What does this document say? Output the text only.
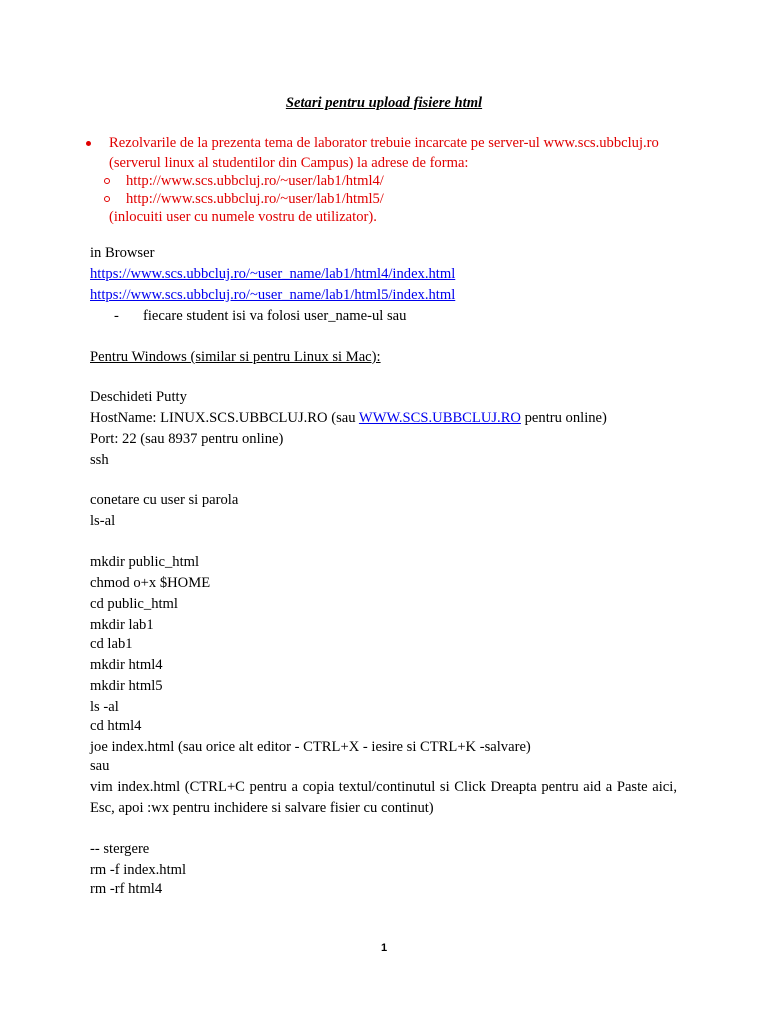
Setari pentru upload fisiere html
Rezolvarile de la prezenta tema de laborator trebuie incarcate pe server-ul www.scs.ubbcluj.ro
(serverul linux al studentilor din Campus) la adrese de forma:
http://www.scs.ubbcluj.ro/~user/lab1/html4/
http://www.scs.ubbcluj.ro/~user/lab1/html5/
(inlocuiti user cu numele vostru de utilizator).
in Browser
https://www.scs.ubbcluj.ro/~user_name/lab1/html4/index.html
https://www.scs.ubbcluj.ro/~user_name/lab1/html5/index.html
- fiecare student isi va folosi user_name-ul sau
Pentru Windows (similar si pentru Linux si Mac):
Deschideti Putty
HostName: LINUX.SCS.UBBCLUJ.RO (sau WWW.SCS.UBBCLUJ.RO pentru online)
Port: 22 (sau 8937 pentru online)
ssh
conetare cu user si parola
ls-al
mkdir public_html
chmod o+x $HOME
cd public_html
mkdir lab1
cd lab1
mkdir html4
mkdir html5
ls -al
cd html4
joe index.html (sau orice alt editor - CTRL+X - iesire si CTRL+K -salvare)
sau
vim index.html (CTRL+C pentru a copia textul/continutul si Click Dreapta pentru aid a Paste aici, Esc, apoi :wx pentru inchidere si salvare fisier cu continut)
-- stergere
rm -f index.html
rm -rf html4
1
